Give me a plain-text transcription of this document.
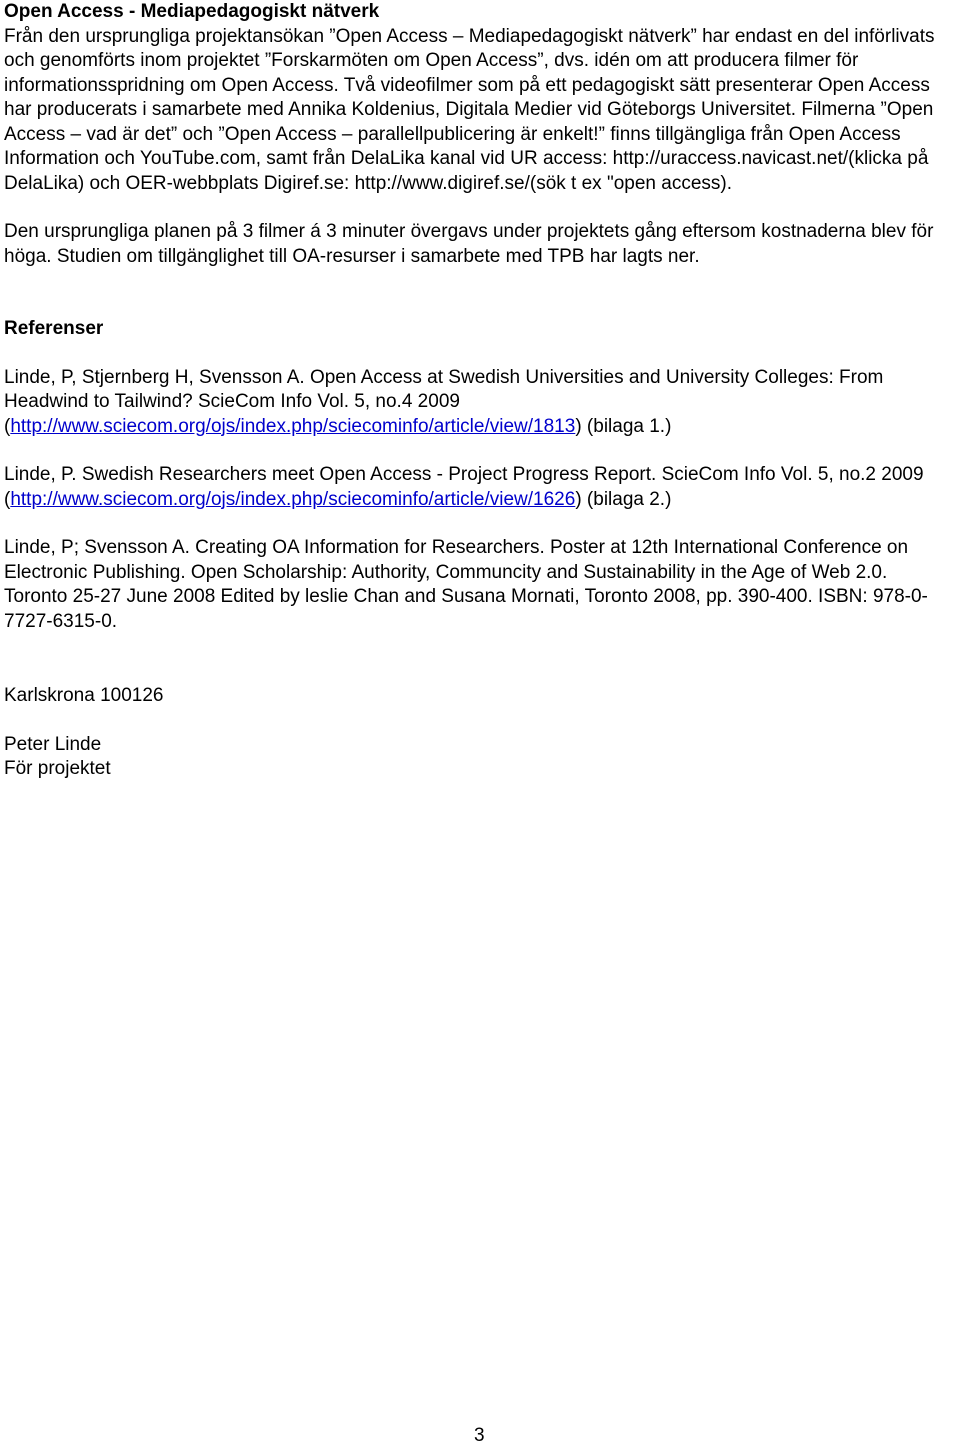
Open Access - Mediapedagogiskt nätverk

Från den ursprungliga projektansökan ”Open Access – Mediapedagogiskt nätverk” har endast en del införlivats och genomförts inom projektet ”Forskarmöten om Open Access”, dvs. idén om att producera filmer för informationsspridning om Open Access. Två videofilmer som på ett pedagogiskt sätt presenterar Open Access har producerats i samarbete med Annika Koldenius, Digitala Medier vid Göteborgs Universitet. Filmerna ”Open Access – vad är det” och ”Open Access – parallellpublicering är enkelt!” finns tillgängliga från Open Access Information och YouTube.com, samt från DelaLika kanal vid UR access: http://uraccess.navicast.net/(klicka på DelaLika) och OER-webbplats Digiref.se: http://www.digiref.se/(sök t ex "open access).

Den ursprungliga planen på 3 filmer á 3 minuter övergavs under projektets gång eftersom kostnaderna blev för höga. Studien om tillgänglighet till OA-resurser i samarbete med TPB har lagts ner.

Referenser

Linde, P, Stjernberg H, Svensson A. Open Access at Swedish Universities and University Colleges: From Headwind to Tailwind? ScieCom Info Vol. 5, no.4 2009 (http://www.sciecom.org/ojs/index.php/sciecominfo/article/view/1813) (bilaga 1.)

Linde, P. Swedish Researchers meet Open Access - Project Progress Report. ScieCom Info Vol. 5, no.2 2009 (http://www.sciecom.org/ojs/index.php/sciecominfo/article/view/1626) (bilaga 2.)

Linde, P; Svensson A. Creating OA Information for Researchers. Poster at 12th International Conference on Electronic Publishing. Open Scholarship: Authority, Communcity and Sustainability in the Age of Web 2.0. Toronto 25-27 June 2008 Edited by leslie Chan and Susana Mornati, Toronto 2008, pp. 390-400. ISBN: 978-0-7727-6315-0.

Karlskrona 100126

Peter Linde

För projektet

3
